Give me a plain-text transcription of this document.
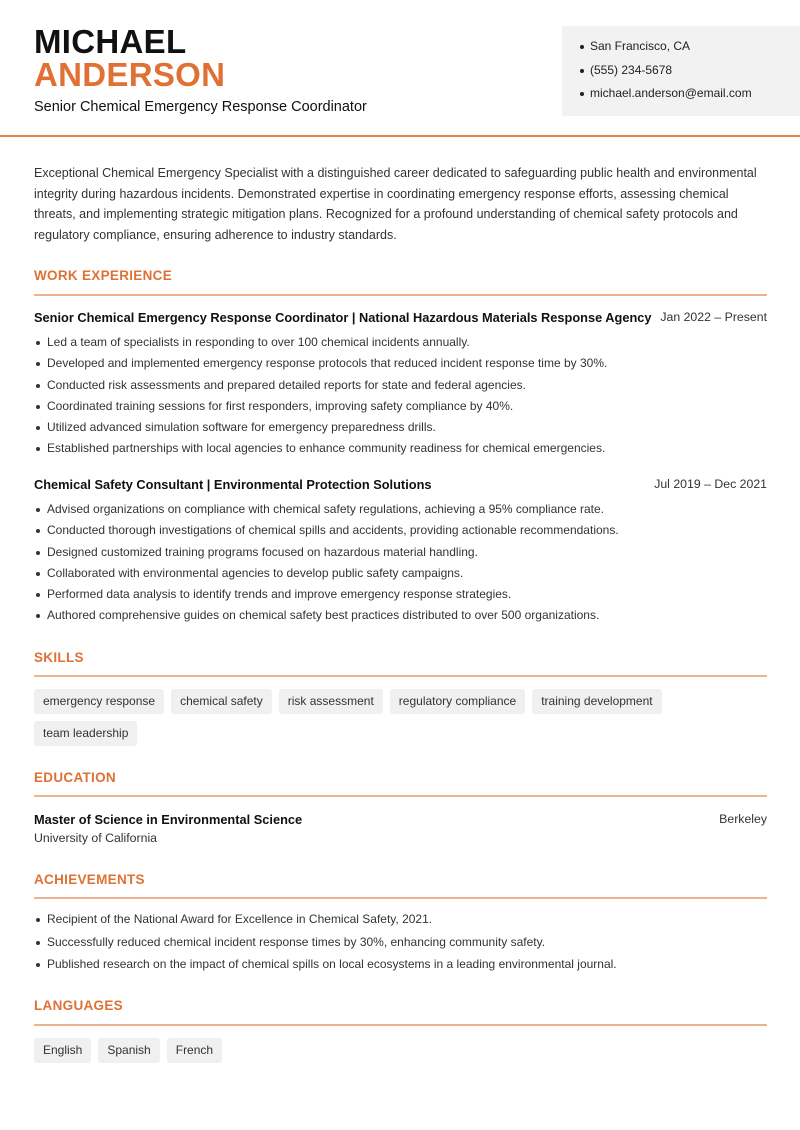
MICHAEL
ANDERSON
Senior Chemical Emergency Response Coordinator
San Francisco, CA
(555) 234-5678
michael.anderson@email.com

Exceptional Chemical Emergency Specialist with a distinguished career dedicated to safeguarding public health and environmental integrity during hazardous incidents. Demonstrated expertise in coordinating emergency response efforts, assessing chemical threats, and implementing strategic mitigation plans. Recognized for a profound understanding of chemical safety protocols and regulatory compliance, ensuring adherence to industry standards.

WORK EXPERIENCE
Senior Chemical Emergency Response Coordinator | National Hazardous Materials Response Agency Jan 2022 – Present
Led a team of specialists in responding to over 100 chemical incidents annually.
Developed and implemented emergency response protocols that reduced incident response time by 30%.
Conducted risk assessments and prepared detailed reports for state and federal agencies.
Coordinated training sessions for first responders, improving safety compliance by 40%.
Utilized advanced simulation software for emergency preparedness drills.
Established partnerships with local agencies to enhance community readiness for chemical emergencies.
Chemical Safety Consultant | Environmental Protection Solutions	Jul 2019 – Dec 2021
Advised organizations on compliance with chemical safety regulations, achieving a 95% compliance rate.
Conducted thorough investigations of chemical spills and accidents, providing actionable recommendations.
Designed customized training programs focused on hazardous material handling.
Collaborated with environmental agencies to develop public safety campaigns.
Performed data analysis to identify trends and improve emergency response strategies.
Authored comprehensive guides on chemical safety best practices distributed to over 500 organizations.
SKILLS
emergency response	chemical safety	risk assessment	regulatory compliance	training development
team leadership
EDUCATION
Master of Science in Environmental Science	Berkeley
University of California
ACHIEVEMENTS
Recipient of the National Award for Excellence in Chemical Safety, 2021.
Successfully reduced chemical incident response times by 30%, enhancing community safety.
Published research on the impact of chemical spills on local ecosystems in a leading environmental journal.
LANGUAGES
English	Spanish	French
